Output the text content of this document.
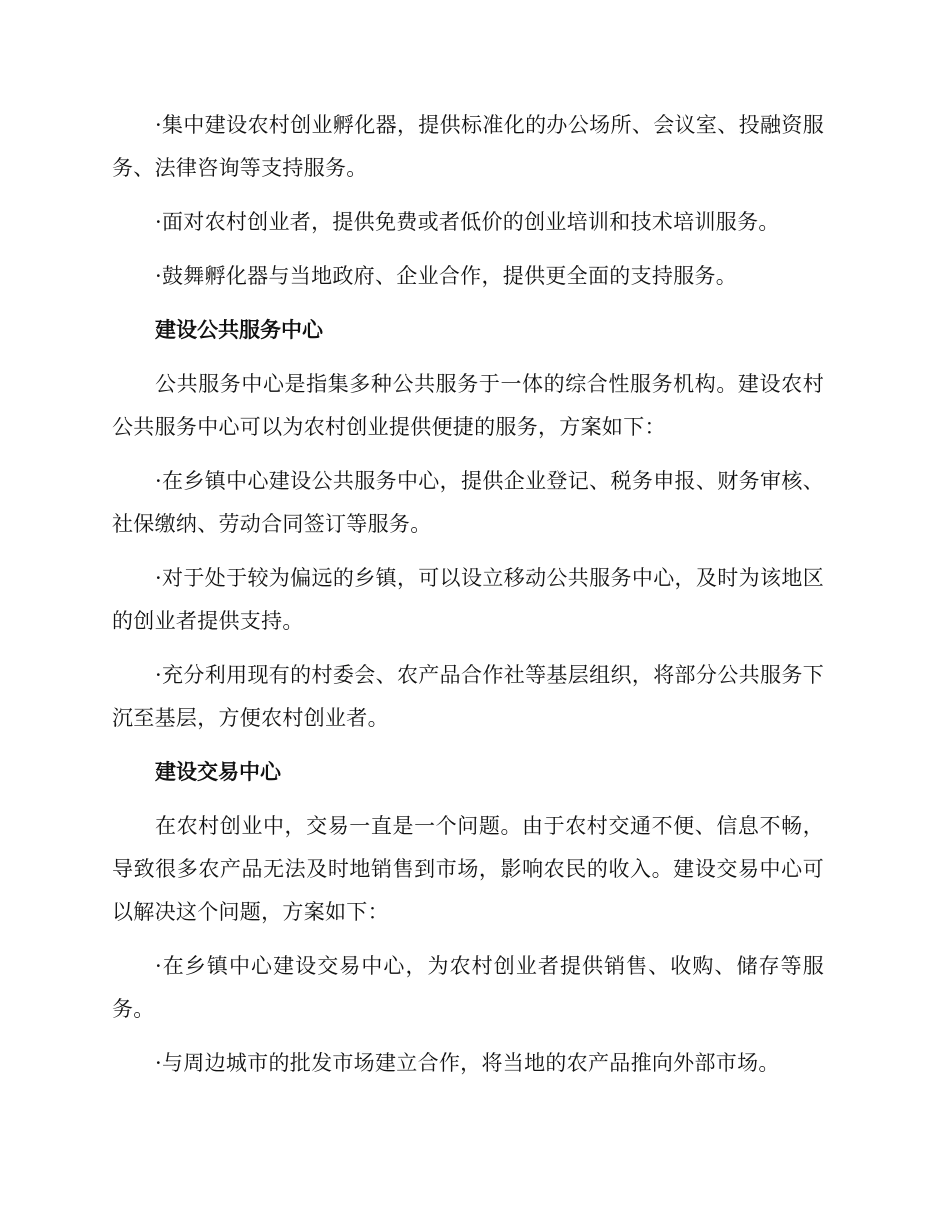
·集中建设农村创业孵化器，提供标准化的办公场所、会议室、投融资服务、法律咨询等支持服务。

·面对农村创业者，提供免费或者低价的创业培训和技术培训服务。

·鼓舞孵化器与当地政府、企业合作，提供更全面的支持服务。

建设公共服务中心

公共服务中心是指集多种公共服务于一体的综合性服务机构。建设农村公共服务中心可以为农村创业提供便捷的服务，方案如下：

·在乡镇中心建设公共服务中心，提供企业登记、税务申报、财务审核、社保缴纳、劳动合同签订等服务。

·对于处于较为偏远的乡镇，可以设立移动公共服务中心，及时为该地区的创业者提供支持。

·充分利用现有的村委会、农产品合作社等基层组织，将部分公共服务下沉至基层，方便农村创业者。

建设交易中心

在农村创业中，交易一直是一个问题。由于农村交通不便、信息不畅，导致很多农产品无法及时地销售到市场，影响农民的收入。建设交易中心可以解决这个问题，方案如下：

·在乡镇中心建设交易中心，为农村创业者提供销售、收购、储存等服务。

·与周边城市的批发市场建立合作，将当地的农产品推向外部市场。
